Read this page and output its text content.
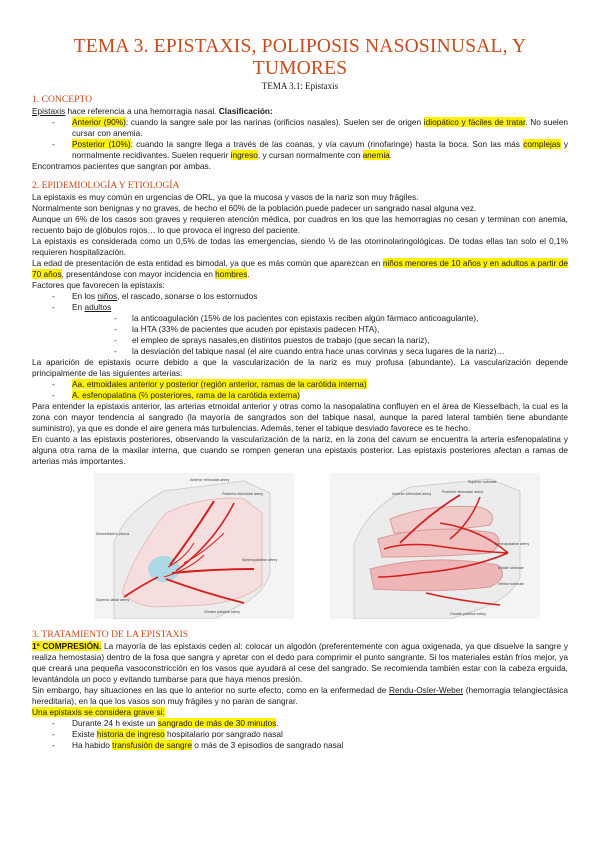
TEMA 3. EPISTAXIS, POLIPOSIS NASOSINUSAL, Y TUMORES
TEMA 3.1: Epistaxis
1. CONCEPTO

Epistaxis hace referencia a una hemorragia nasal. Clasificación:

- Anterior (90%): cuando la sangre sale por las narinas (orificios nasales). Suelen ser de origen idiopático y fáciles de tratar. No suelen cursar con anemia.

- Posterior (10%): cuando la sangre llega a través de las coanas, y vía cavum (rinofaringe) hasta la boca. Son las más complejas y normalmente recidivantes. Suelen requerir ingreso, y cursan normalmente con anemia.

Encontramos pacientes que sangran por ambas.

2. EPIDEMIOLOGÍA Y ETIOLOGÍA

La epistaxis es muy común en urgencias de ORL, ya que la mucosa y vasos de la nariz son muy frágiles.

Normalmente son benignas y no graves, de hecho el 60% de la población puede padecer un sangrado nasal alguna vez.

Aunque un 6% de los casos son graves y requieren atención médica, por cuadros en los que las hemorragias no cesan y terminan con anemia, recuento bajo de glóbulos rojos… lo que provoca el ingreso del paciente.

La epistaxis es considerada como un 0,5% de todas las emergencias, siendo ⅓ de las otorrinolaringológicas. De todas ellas tan solo el 0,1% requieren hospitalización.

La edad de presentación de esta entidad es bimodal, ya que es más común que aparezcan en niños menores de 10 años y en adultos a partir de 70 años, presentándose con mayor incidencia en hombres.

Factores que favorecen la epistaxis:

- En los niños, el rascado, sonarse o los estornudos

- En adultos

- la anticoagulación (15% de los pacientes con epistaxis reciben algún fármaco anticoagulante),

- la HTA (33% de pacientes que acuden por epistaxis padecen HTA),

- el empleo de sprays nasales,en distintos puestos de trabajo (que secan la nariz),

- la desviación del tabique nasal (el aire cuando entra hace unas corvinas y seca lugares de la nariz)…

La aparición de epistaxis ocurre debido a que la vascularización de la nariz es muy profusa (abundante). La vascularización depende principalmente de las siguientes arterias:

- Aa. etmoidales anterior y posterior (región anterior, ramas de la carótida interna)

- A. esfenopalatina (⅔ posteriores, rama de la carótida externa)

Para entender la epistaxis anterior, las arterias etmoidal anterior y otras como la nasopalatina confluyen en el área de Kiesselbach, la cual es la zona con mayor tendencia al sangrado (la mayoría de sangrados son del tabique nasal, aunque la pared lateral también tiene abundante suministro), ya que es donde el aire genera más turbulencias. Además, tener el tabique desviado favorece es te hecho.

En cuanto a las epistaxis posteriores, observando la vascularización de la nariz, en la zona del cavum se encuentra la arteria esfenopalatina y alguna otra rama de la maxilar interna, que cuando se rompen generan una epistaxis posterior. Las epistaxis posteriores afectan a ramas de arterias más importantes.

Anterior ethmoidal artery
Posterior ethmoidal artery
Kiesselbach's plexus
Sphenopalatine artery
Superior labial artery
Greater palatine artery
Superior turbinate
Anterior ethmoidal artery	Posterior ethmoidal artery
Sphenopalatine artery
Middle turbinate
Inferior turbinate
Greater palatine artery
3. TRATAMIENTO DE LA EPISTAXIS

1º COMPRESIÓN. La mayoría de las epistaxis ceden al: colocar un algodón (preferentemente con agua oxigenada, ya que disuelve la sangre y realiza hemostasia) dentro de la fosa que sangra y apretar con el dedo para comprimir el punto sangrante. Si los materiales están fríos mejor, ya que creará una pequeña vasoconstricción en los vasos que ayudará al cese del sangrado. Se recomienda también estar con la cabeza erguida, levantándola un poco y evitando tumbarse para que haya menos presión.

Sin embargo, hay situaciones en las que lo anterior no surte efecto, como en la enfermedad de Rendu-Osler-Weber (hemorragia telangiectásica hereditaria), en la que los vasos son muy frágiles y no paran de sangrar.

Una epistaxis se considera grave si:

- Durante 24 h existe un sangrado de más de 30 minutos.

- Existe historia de ingreso hospitalario por sangrado nasal

- Ha habido transfusión de sangre o más de 3 episodios de sangrado nasal
